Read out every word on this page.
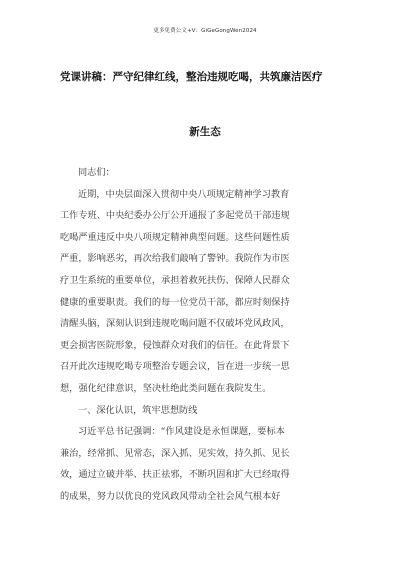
更多免费公文+V：GiGeGongWen2024
党课讲稿：严守纪律红线，整治违规吃喝，共筑廉洁医疗
新生态
同志们：
近期，中央层面深入贯彻中央八项规定精神学习教育
工作专班、中央纪委办公厅公开通报了多起党员干部违规
吃喝严重违反中央八项规定精神典型问题。这些问题性质
严重，影响恶劣，再次给我们敲响了警钟。我院作为市医
疗卫生系统的重要单位，承担着救死扶伤、保障人民群众
健康的重要职责。我们的每一位党员干部，都应时刻保持
清醒头脑，深刻认识到违规吃喝问题不仅破坏党风政风，
更会损害医院形象，侵蚀群众对我们的信任。在此背景下
召开此次违规吃喝专项整治专题会议，旨在进一步统一思
想，强化纪律意识，坚决杜绝此类问题在我院发生。
一、深化认识，筑牢思想防线
习近平总书记强调：“作风建设是永恒课题，要标本
兼治，经常抓、见常态，深入抓、见实效，持久抓、见长
效，通过立破并举、扶正祛邪，不断巩固和扩大已经取得
的成果，努力以优良的党风政风带动全社会风气根本好
